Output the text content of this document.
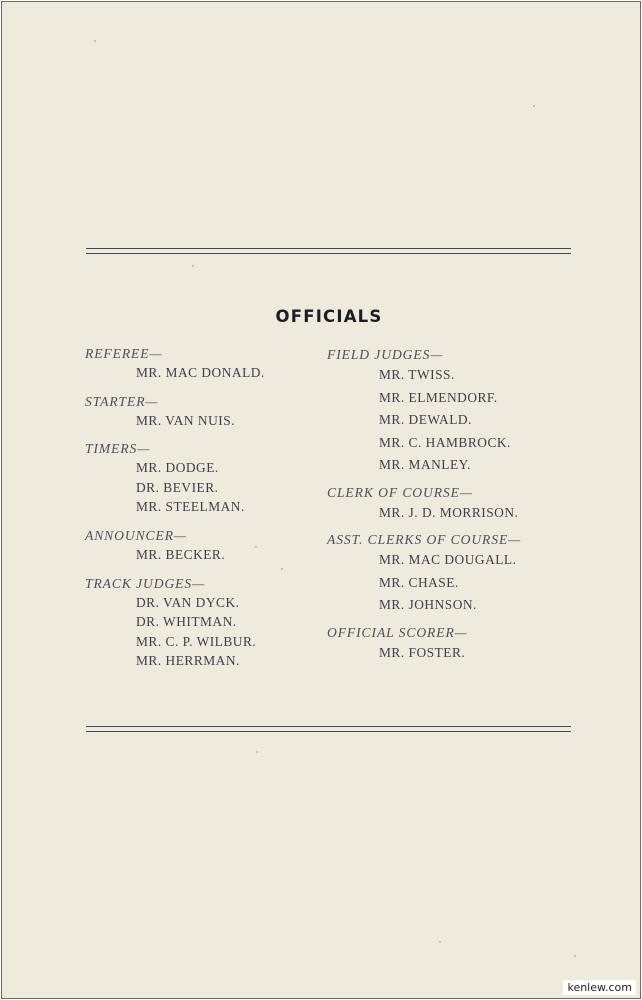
OFFICIALS
REFEREE—
MR. MAC DONALD.
STARTER—
MR. VAN NUIS.
TIMERS—
MR. DODGE.
DR. BEVIER.
MR. STEELMAN.
ANNOUNCER—
MR. BECKER.
TRACK JUDGES—
DR. VAN DYCK.
DR. WHITMAN.
MR. C. P. WILBUR.
MR. HERRMAN.
FIELD JUDGES—
MR. TWISS.
MR. ELMENDORF.
MR. DEWALD.
MR. C. HAMBROCK.
MR. MANLEY.
CLERK OF COURSE—
MR. J. D. MORRISON.
ASST. CLERKS OF COURSE—
MR. MAC DOUGALL.
MR. CHASE.
MR. JOHNSON.
OFFICIAL SCORER—
MR. FOSTER.
kenlew.com
